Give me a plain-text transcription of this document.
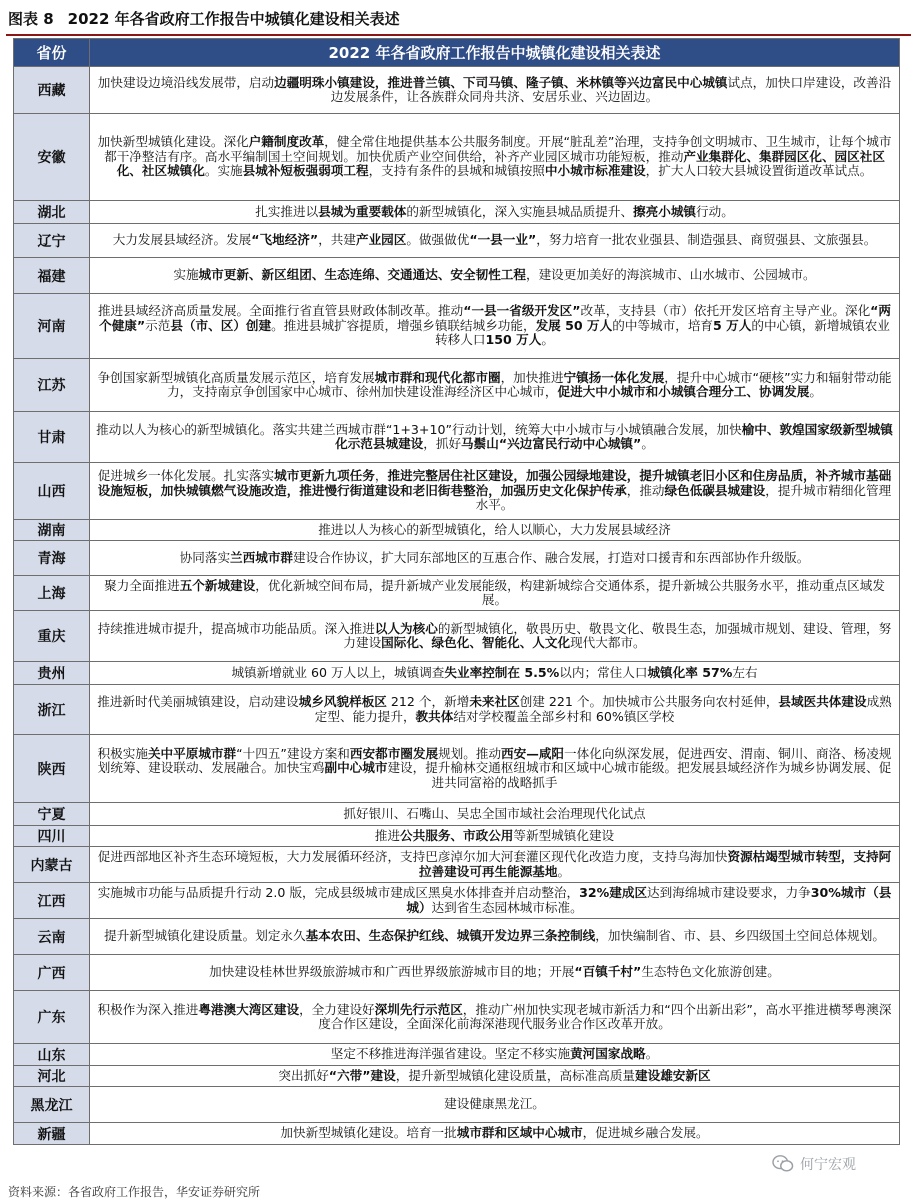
图表 8 2022 年各省政府工作报告中城镇化建设相关表述
省份	2022 年各省政府工作报告中城镇化建设相关表述
西藏	加快建设边境沿线发展带，启动边疆明珠小镇建设，推进普兰镇、下司马镇、隆子镇、米林镇等兴边富民中心城镇试点，加快口岸建设，改善沿边发展条件，让各族群众同舟共济、安居乐业、兴边固边。
安徽	加快新型城镇化建设。深化户籍制度改革，健全常住地提供基本公共服务制度。开展“脏乱差”治理，支持争创文明城市、卫生城市，让每个城市都干净整洁有序。高水平编制国土空间规划。加快优质产业空间供给，补齐产业园区城市功能短板，推动产业集群化、集群园区化、园区社区化、社区城镇化。实施县城补短板强弱项工程，支持有条件的县城和城镇按照中小城市标准建设，扩大人口较大县城设置街道改革试点。
湖北	扎实推进以县城为重要载体的新型城镇化，深入实施县城品质提升、擦亮小城镇行动。
辽宁	大力发展县域经济。发展“飞地经济”，共建产业园区。做强做优“一县一业”，努力培育一批农业强县、制造强县、商贸强县、文旅强县。
福建	实施城市更新、新区组团、生态连绵、交通通达、安全韧性工程，建设更加美好的海滨城市、山水城市、公园城市。
河南	推进县域经济高质量发展。全面推行省直管县财政体制改革。推动“一县一省级开发区”改革，支持县（市）依托开发区培育主导产业。深化“两个健康”示范县（市、区）创建。推进县城扩容提质，增强乡镇联结城乡功能，发展 50 万人的中等城市，培育5 万人的中心镇，新增城镇农业转移人口150 万人。
江苏	争创国家新型城镇化高质量发展示范区，培育发展城市群和现代化都市圈，加快推进宁镇扬一体化发展，提升中心城市“硬核”实力和辐射带动能力，支持南京争创国家中心城市、徐州加快建设淮海经济区中心城市，促进大中小城市和小城镇合理分工、协调发展。
甘肃	推动以人为核心的新型城镇化。落实共建兰西城市群“1+3+10”行动计划，统筹大中小城市与小城镇融合发展，加快榆中、敦煌国家级新型城镇化示范县城建设，抓好马鬃山“兴边富民行动中心城镇”。
山西	促进城乡一体化发展。扎实落实城市更新九项任务，推进完整居住社区建设，加强公园绿地建设，提升城镇老旧小区和住房品质，补齐城市基础设施短板，加快城镇燃气设施改造，推进慢行街道建设和老旧街巷整治，加强历史文化保护传承，推动绿色低碳县城建设，提升城市精细化管理水平。
湖南	推进以人为核心的新型城镇化，给人以顺心，大力发展县域经济
青海	协同落实兰西城市群建设合作协议，扩大同东部地区的互惠合作、融合发展，打造对口援青和东西部协作升级版。
上海	聚力全面推进五个新城建设，优化新城空间布局，提升新城产业发展能级，构建新城综合交通体系，提升新城公共服务水平，推动重点区域发展。
重庆	持续推进城市提升，提高城市功能品质。深入推进以人为核心的新型城镇化，敬畏历史、敬畏文化、敬畏生态，加强城市规划、建设、管理，努力建设国际化、绿色化、智能化、人文化现代大都市。
贵州	城镇新增就业 60 万人以上，城镇调查失业率控制在 5.5%以内；常住人口城镇化率 57%左右
浙江	推进新时代美丽城镇建设，启动建设城乡风貌样板区 212 个，新增未来社区创建 221 个。加快城市公共服务向农村延伸，县域医共体建设成熟定型、能力提升，教共体结对学校覆盖全部乡村和 60%镇区学校
陕西	积极实施关中平原城市群“十四五”建设方案和西安都市圈发展规划。推动西安—咸阳一体化向纵深发展，促进西安、渭南、铜川、商洛、杨凌规划统筹、建设联动、发展融合。加快宝鸡副中心城市建设，提升榆林交通枢纽城市和区域中心城市能级。把发展县域经济作为城乡协调发展、促进共同富裕的战略抓手
宁夏	抓好银川、石嘴山、吴忠全国市域社会治理现代化试点
四川	推进公共服务、市政公用等新型城镇化建设
内蒙古	促进西部地区补齐生态环境短板，大力发展循环经济，支持巴彦淖尔加大河套灌区现代化改造力度，支持乌海加快资源枯竭型城市转型，支持阿拉善建设可再生能源基地。
江西	实施城市功能与品质提升行动 2.0 版，完成县级城市建成区黑臭水体排查并启动整治，32%建成区达到海绵城市建设要求，力争30%城市（县城）达到省生态园林城市标准。
云南	提升新型城镇化建设质量。划定永久基本农田、生态保护红线、城镇开发边界三条控制线，加快编制省、市、县、乡四级国土空间总体规划。
广西	加快建设桂林世界级旅游城市和广西世界级旅游城市目的地；开展“百镇千村”生态特色文化旅游创建。
广东	积极作为深入推进粤港澳大湾区建设，全力建设好深圳先行示范区，推动广州加快实现老城市新活力和“四个出新出彩”，高水平推进横琴粤澳深度合作区建设，全面深化前海深港现代服务业合作区改革开放。
山东	坚定不移推进海洋强省建设。坚定不移实施黄河国家战略。
河北	突出抓好“六带”建设，提升新型城镇化建设质量，高标准高质量建设雄安新区
黑龙江	建设健康黑龙江。
新疆	加快新型城镇化建设。培育一批城市群和区域中心城市，促进城乡融合发展。
资料来源：各省政府工作报告，华安证券研究所
何宁宏观
